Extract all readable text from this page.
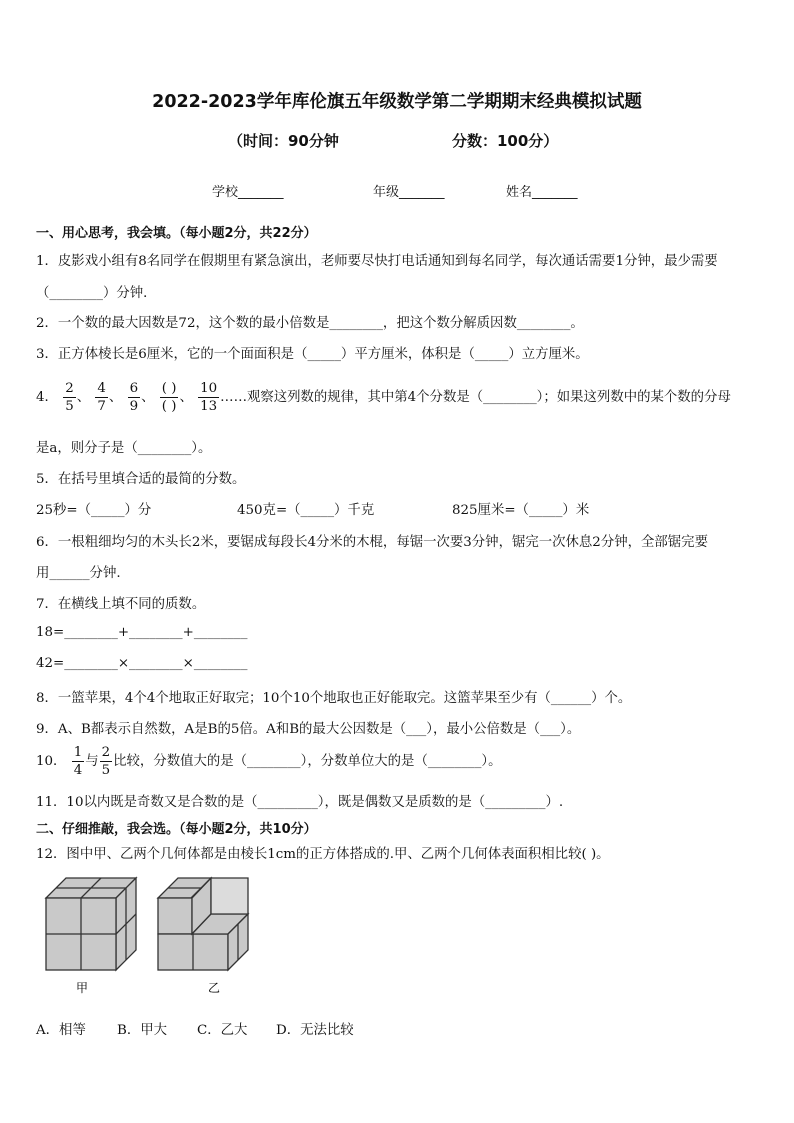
2022-2023学年库伦旗五年级数学第二学期期末经典模拟试题
（时间：90分钟	分数：100分）
学校_______	年级_______	姓名_______
一、用心思考，我会填。（每小题2分，共22分）
1．皮影戏小组有8名同学在假期里有紧急演出，老师要尽快打电话通知到每名同学，每次通话需要1分钟，最少需要
（________）分钟．
2．一个数的最大因数是72，这个数的最小倍数是________，把这个数分解质因数________。
3．正方体棱长是6厘米，它的一个面面积是（_____）平方厘米，体积是（_____）立方厘米。
4． $\frac{2}{5}$ 、 $\frac{4}{7}$ 、 $\frac{6}{9}$ 、 $\frac{( )}{( )}$ 、 $\frac{10}{13}$ ……观察这列数的规律，其中第4个分数是（________）；如果这列数中的某个数的分母
是a，则分子是（________）。
5．在括号里填合适的最简的分数。
25秒=（_____）分	450克=（_____）千克	825厘米=（_____）米
6．一根粗细均匀的木头长2米，要锯成每段长4分米的木棍，每锯一次要3分钟，锯完一次休息2分钟，全部锯完要
用______分钟.
7．在横线上填不同的质数。
18=________+________+________
42=________×________×________
8．一篮苹果，4个4个地取正好取完；10个10个地取也正好能取完。这篮苹果至少有（______）个。
9．A、B都表示自然数，A是B的5倍。A和B的最大公因数是（___），最小公倍数是（___）。
10． $\frac{1}{4}$ 与 $\frac{2}{5}$ 比较，分数值大的是（________），分数单位大的是（________）。
11．10以内既是奇数又是合数的是（_________），既是偶数又是质数的是（_________）.
二、仔细推敲，我会选。（每小题2分，共10分）
12．图中甲、乙两个几何体都是由棱长1cm的正方体搭成的.甲、乙两个几何体表面积相比较( )。
甲	乙
A．相等 B．甲大 C．乙大 D．无法比较
